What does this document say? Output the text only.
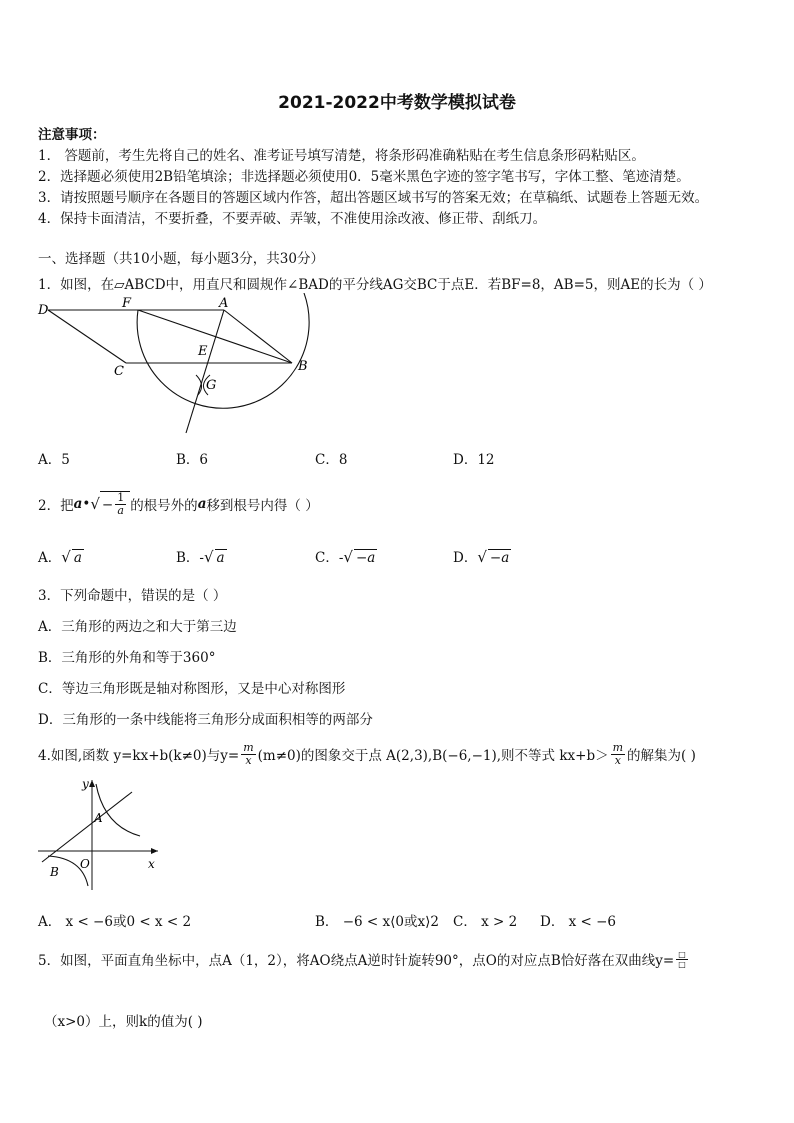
2021-2022中考数学模拟试卷
注意事项：
1． 答题前，考生先将自己的姓名、准考证号填写清楚，将条形码准确粘贴在考生信息条形码粘贴区。
2．选择题必须使用2B铅笔填涂；非选择题必须使用0．5毫米黑色字迹的签字笔书写，字体工整、笔迹清楚。
3．请按照题号顺序在各题目的答题区域内作答，超出答题区域书写的答案无效；在草稿纸、试题卷上答题无效。
4．保持卡面清洁，不要折叠，不要弄破、弄皱，不准使用涂改液、修正带、刮纸刀。
一、选择题（共10小题，每小题3分，共30分）
1．如图，在▱ABCD中，用直尺和圆规作∠BAD的平分线AG交BC于点E．若BF=8，AB=5，则AE的长为（ ）
D	F	A
E
B
C
G
A．5	B．6	C．8	D．12
2．把 a • √ − $\frac{1}{a}$ 的根号外的 a 移到根号内得（ ）
A．√ a	B．-√ a	C．-√ −a	D．√ −a
3．下列命题中，错误的是（ ）
A．三角形的两边之和大于第三边
B．三角形的外角和等于360°
C．等边三角形既是轴对称图形，又是中心对称图形
D．三角形的一条中线能将三角形分成面积相等的两部分
4.如图,函数 y=kx+b(k≠0)与$y= \frac{m}{x} (m\ne 0)$的图象交于点 A(2,3),B(−6,−1),则不等式 $kx+b> \frac{m}{x}$ 的解集为( )
y
x
A
O
B
A． x < −6或0 < x < 2	B． −6 < x⟨0或x⟩2 C． x > 2 D． x < −6
5．如图，平面直角坐标中，点A（1，2），将AO绕点A逆时针旋转90°，点O的对应点B恰好落在双曲线$y= \frac{□}{□}$
（x>0）上，则k的值为( )
